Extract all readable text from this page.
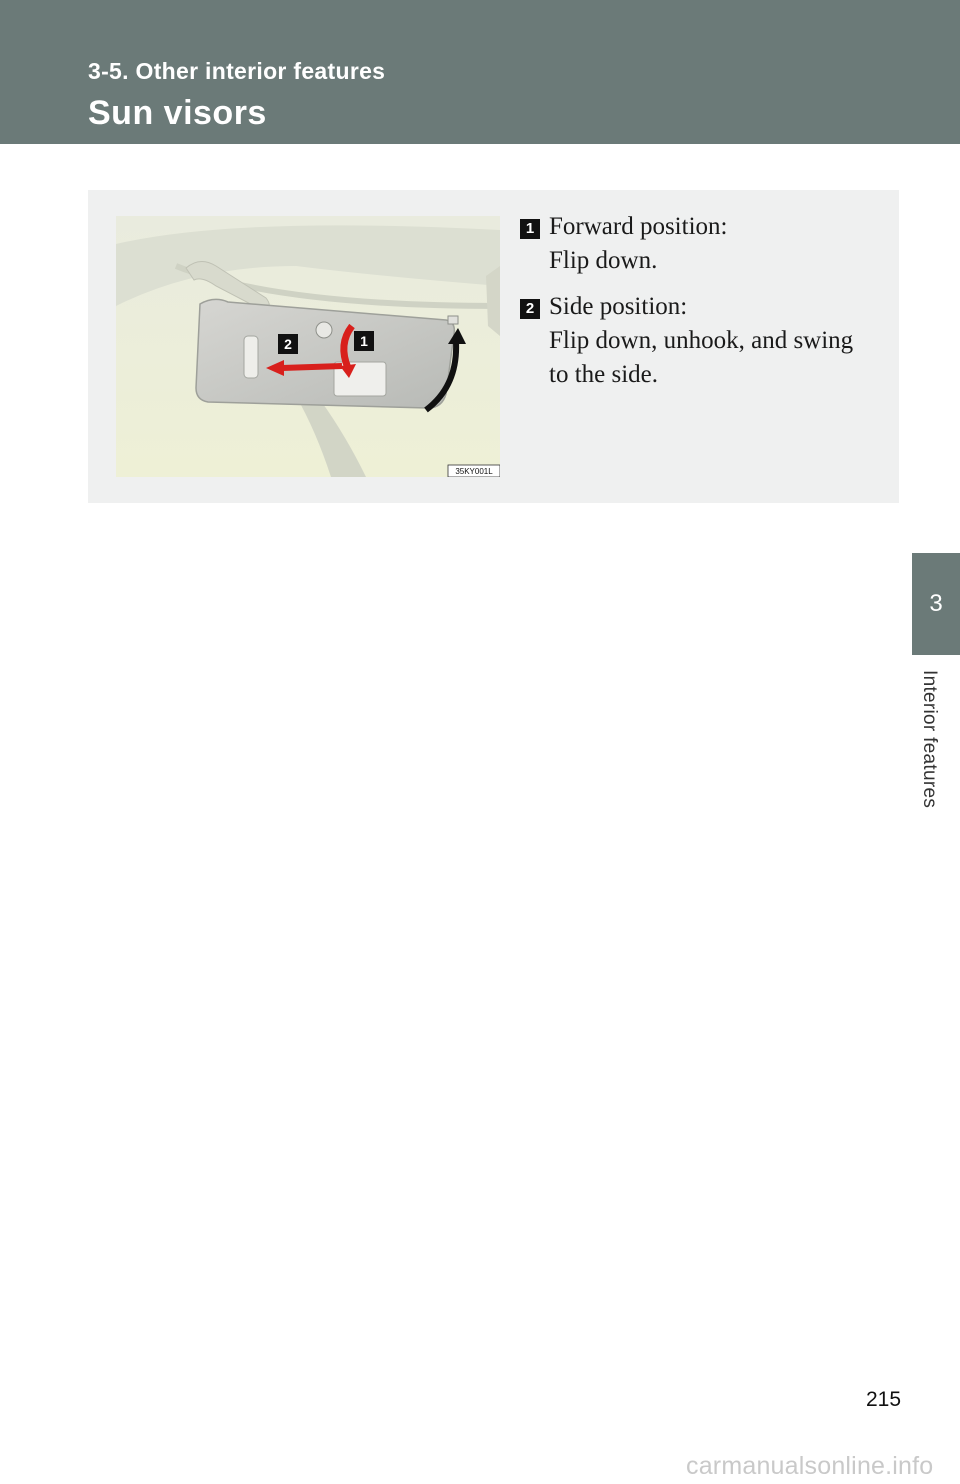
3-5. Other interior features
Sun visors
2	1
35KY001L
1 Forward position:
Flip down.
2 Side position:
Flip down, unhook, and swing
to the side.
3
Interior features
215
carmanualsonline.info
